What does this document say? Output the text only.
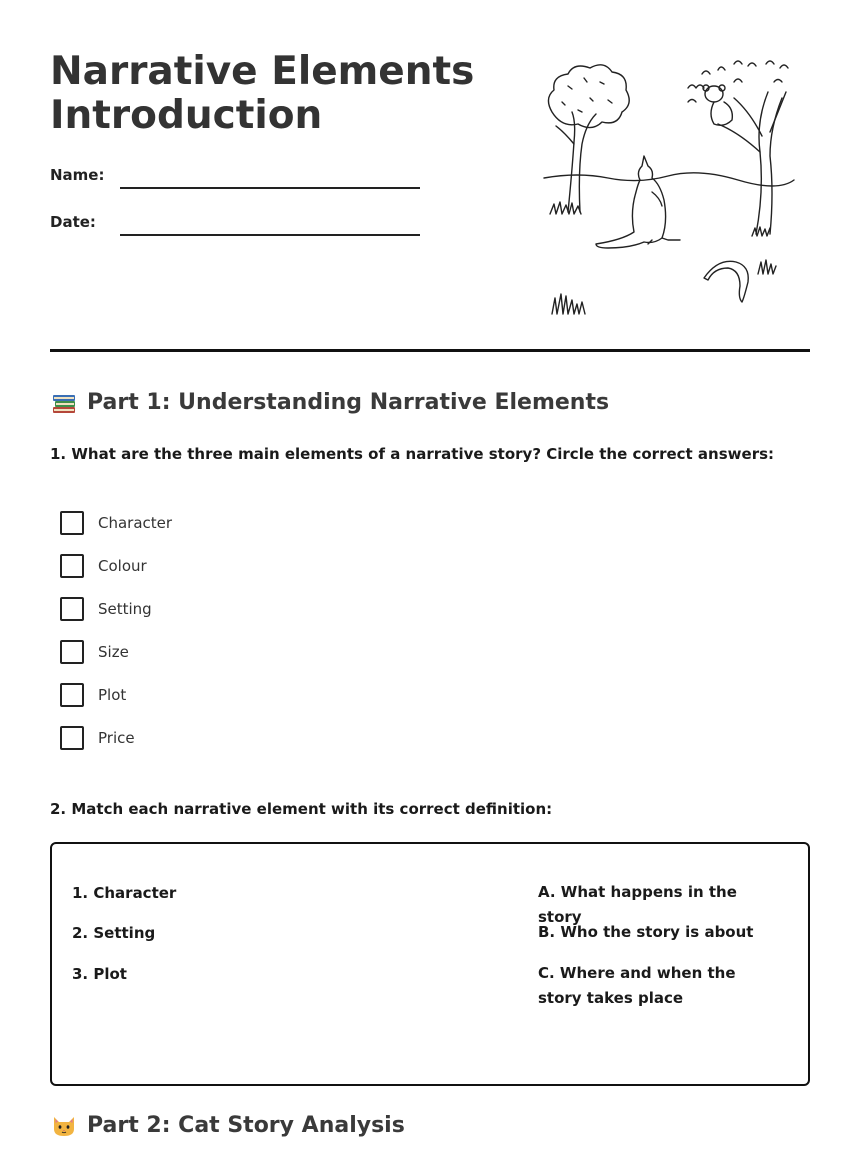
Narrative Elements
Introduction
Name:
Date:
Part 1: Understanding Narrative Elements

1. What are the three main elements of a narrative story? Circle the correct answers:

Character
Colour
Setting
Size
Plot
Price

2. Match each narrative element with its correct definition:

1. Character
2. Setting
3. Plot
A. What happens in the story
B. Who the story is about
C. Where and when the story takes place
Part 2: Cat Story Analysis
